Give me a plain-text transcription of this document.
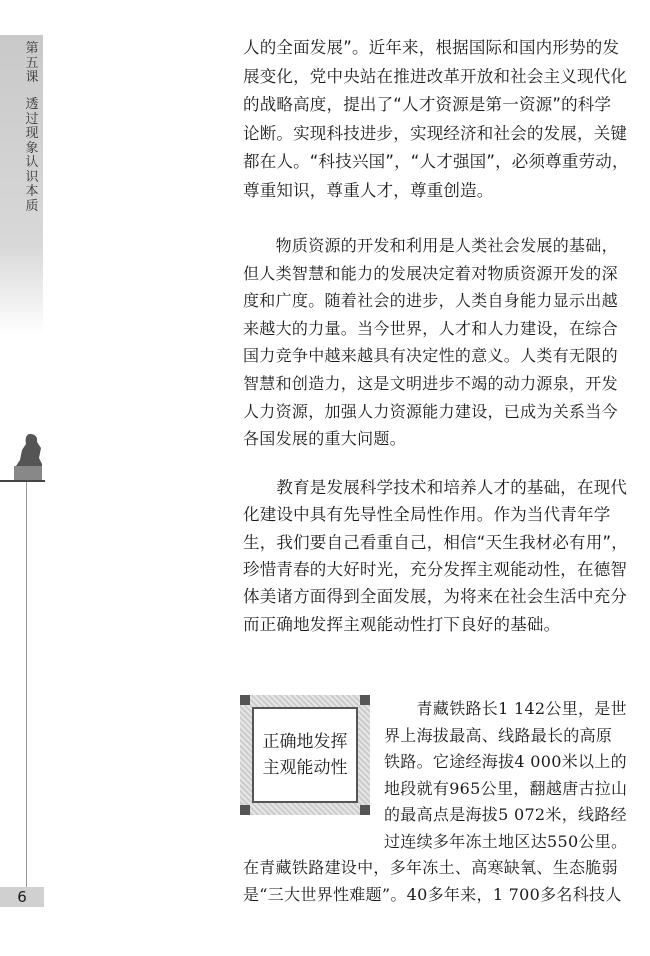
第五课
透过现象认识本质
6
人的全面发展”。近年来，根据国际和国内形势的发
展变化，党中央站在推进改革开放和社会主义现代化
的战略高度，提出了“人才资源是第一资源”的科学
论断。实现科技进步，实现经济和社会的发展，关键
都在人。“科技兴国”，“人才强国”，必须尊重劳动，
尊重知识，尊重人才，尊重创造。
　　物质资源的开发和利用是人类社会发展的基础，
但人类智慧和能力的发展决定着对物质资源开发的深
度和广度。随着社会的进步，人类自身能力显示出越
来越大的力量。当今世界，人才和人力建设，在综合
国力竞争中越来越具有决定性的意义。人类有无限的
智慧和创造力，这是文明进步不竭的动力源泉，开发
人力资源，加强人力资源能力建设，已成为关系当今
各国发展的重大问题。
　　教育是发展科学技术和培养人才的基础，在现代
化建设中具有先导性全局性作用。作为当代青年学
生，我们要自己看重自己，相信“天生我材必有用”，
珍惜青春的大好时光，充分发挥主观能动性，在德智
体美诸方面得到全面发展，为将来在社会生活中充分
而正确地发挥主观能动性打下良好的基础。
正确地发挥
主观能动性
　　青藏铁路长1 142公里，是世
界上海拔最高、线路最长的高原
铁路。它途经海拔4 000米以上的
地段就有965公里，翻越唐古拉山
的最高点是海拔5 072米，线路经
过连续多年冻土地区达550公里。
在青藏铁路建设中，多年冻土、高寒缺氧、生态脆弱
是“三大世界性难题”。40多年来，1 700多名科技人
